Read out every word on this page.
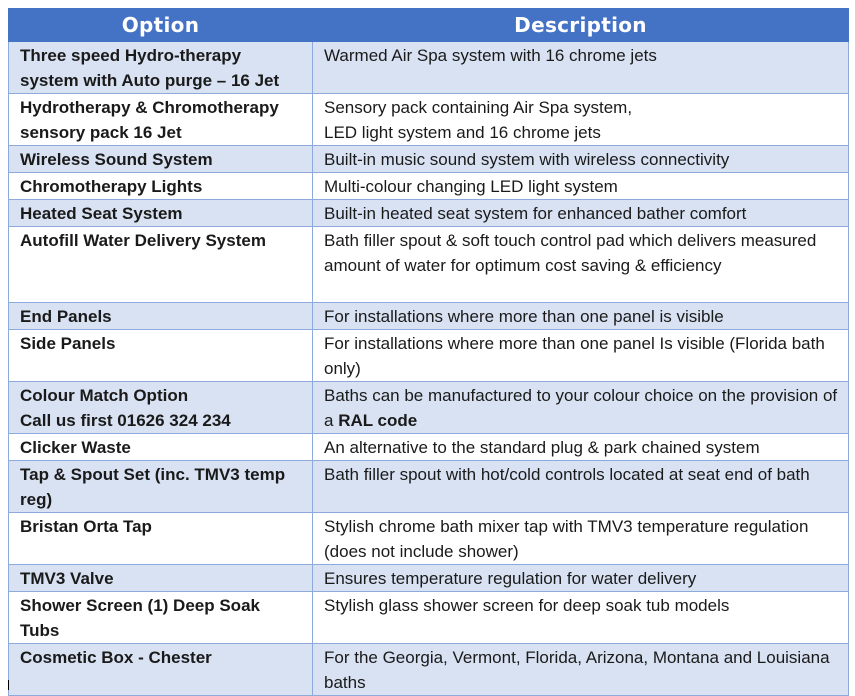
Option	Description
Three speed Hydro-therapy system with Auto purge – 16 Jet	Warmed Air Spa system with 16 chrome jets
Hydrotherapy & Chromotherapy sensory pack 16 Jet	Sensory pack containing Air Spa system,
LED light system and 16 chrome jets
Wireless Sound System	Built-in music sound system with wireless connectivity
Chromotherapy Lights	Multi-colour changing LED light system
Heated Seat System	Built-in heated seat system for enhanced bather comfort
Autofill Water Delivery System	Bath filler spout & soft touch control pad which delivers measured amount of water for optimum cost saving & efficiency
End Panels	For installations where more than one panel is visible
Side Panels	For installations where more than one panel Is visible (Florida bath only)
Colour Match Option
Call us first 01626 324 234	Baths can be manufactured to your colour choice on the provision of a RAL code
Clicker Waste	An alternative to the standard plug & park chained system
Tap & Spout Set (inc. TMV3 temp reg)	Bath filler spout with hot/cold controls located at seat end of bath
Bristan Orta Tap	Stylish chrome bath mixer tap with TMV3 temperature regulation (does not include shower)
TMV3 Valve	Ensures temperature regulation for water delivery
Shower Screen (1) Deep Soak Tubs	Stylish glass shower screen for deep soak tub models
Cosmetic Box - Chester	For the Georgia, Vermont, Florida, Arizona, Montana and Louisiana baths
